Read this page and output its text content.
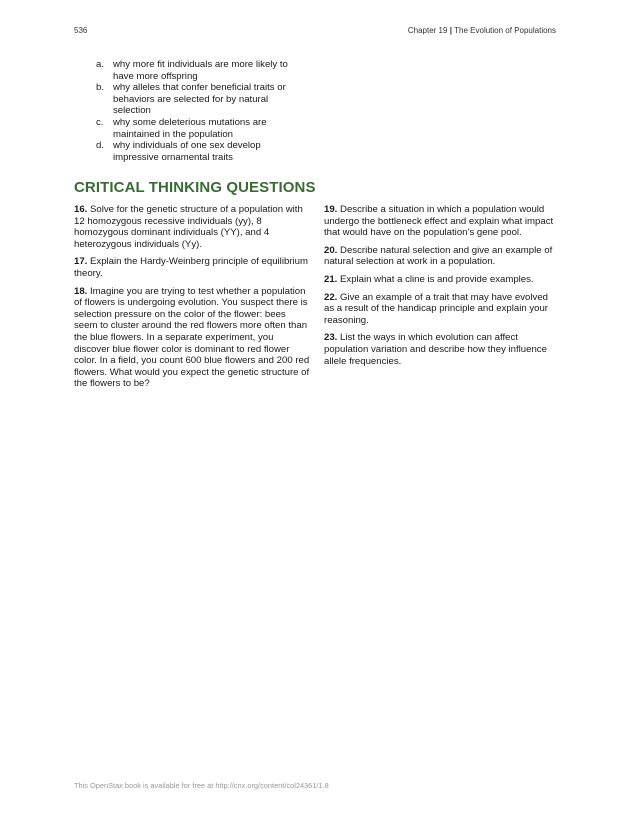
536	Chapter 19 | The Evolution of Populations
a. why more fit individuals are more likely to have more offspring
b. why alleles that confer beneficial traits or behaviors are selected for by natural selection
c. why some deleterious mutations are maintained in the population
d. why individuals of one sex develop impressive ornamental traits
CRITICAL THINKING QUESTIONS

16. Solve for the genetic structure of a population with 12 homozygous recessive individuals (yy), 8 homozygous dominant individuals (YY), and 4 heterozygous individuals (Yy).

17. Explain the Hardy-Weinberg principle of equilibrium theory.

18. Imagine you are trying to test whether a population of flowers is undergoing evolution. You suspect there is selection pressure on the color of the flower: bees seem to cluster around the red flowers more often than the blue flowers. In a separate experiment, you discover blue flower color is dominant to red flower color. In a field, you count 600 blue flowers and 200 red flowers. What would you expect the genetic structure of the flowers to be?

19. Describe a situation in which a population would undergo the bottleneck effect and explain what impact that would have on the population’s gene pool.

20. Describe natural selection and give an example of natural selection at work in a population.

21. Explain what a cline is and provide examples.

22. Give an example of a trait that may have evolved as a result of the handicap principle and explain your reasoning.

23. List the ways in which evolution can affect population variation and describe how they influence allele frequencies.

This OpenStax book is available for free at http://cnx.org/content/col24361/1.8
